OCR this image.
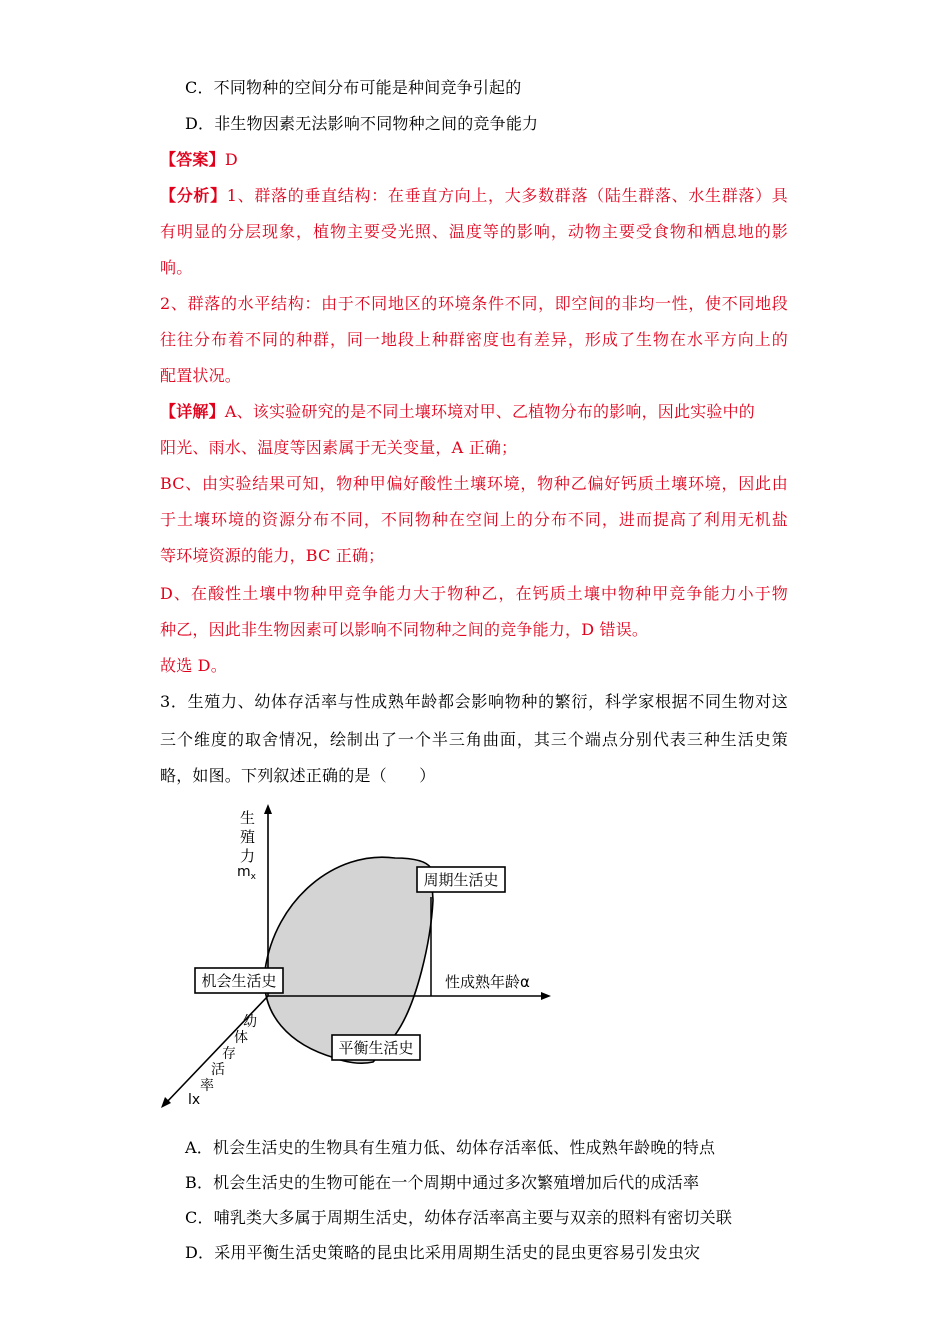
C．不同物种的空间分布可能是种间竞争引起的
D．非生物因素无法影响不同物种之间的竞争能力
【答案】D
【分析】1、群落的垂直结构：在垂直方向上，大多数群落（陆生群落、水生群落）具
有明显的分层现象，植物主要受光照、温度等的影响，动物主要受食物和栖息地的影
响。
2、群落的水平结构：由于不同地区的环境条件不同，即空间的非均一性，使不同地段
往往分布着不同的种群，同一地段上种群密度也有差异，形成了生物在水平方向上的
配置状况。
【详解】A、该实验研究的是不同土壤环境对甲、乙植物分布的影响，因此实验中的
阳光、雨水、温度等因素属于无关变量，A 正确；
BC、由实验结果可知，物种甲偏好酸性土壤环境，物种乙偏好钙质土壤环境，因此由
于土壤环境的资源分布不同，不同物种在空间上的分布不同，进而提高了利用无机盐
等环境资源的能力，BC 正确；
D、在酸性土壤中物种甲竞争能力大于物种乙，在钙质土壤中物种甲竞争能力小于物
种乙，因此非生物因素可以影响不同物种之间的竞争能力，D 错误。
故选 D。
3．生殖力、幼体存活率与性成熟年龄都会影响物种的繁衍，科学家根据不同生物对这
三个维度的取舍情况，绘制出了一个半三角曲面，其三个端点分别代表三种生活史策
略，如图。下列叙述正确的是（　　）
生
殖
力
$m_x$
性成熟年龄α
幼
体
存
活
率
lx
机会生活史
周期生活史
平衡生活史
A．机会生活史的生物具有生殖力低、幼体存活率低、性成熟年龄晚的特点
B．机会生活史的生物可能在一个周期中通过多次繁殖增加后代的成活率
C．哺乳类大多属于周期生活史，幼体存活率高主要与双亲的照料有密切关联
D．采用平衡生活史策略的昆虫比采用周期生活史的昆虫更容易引发虫灾
